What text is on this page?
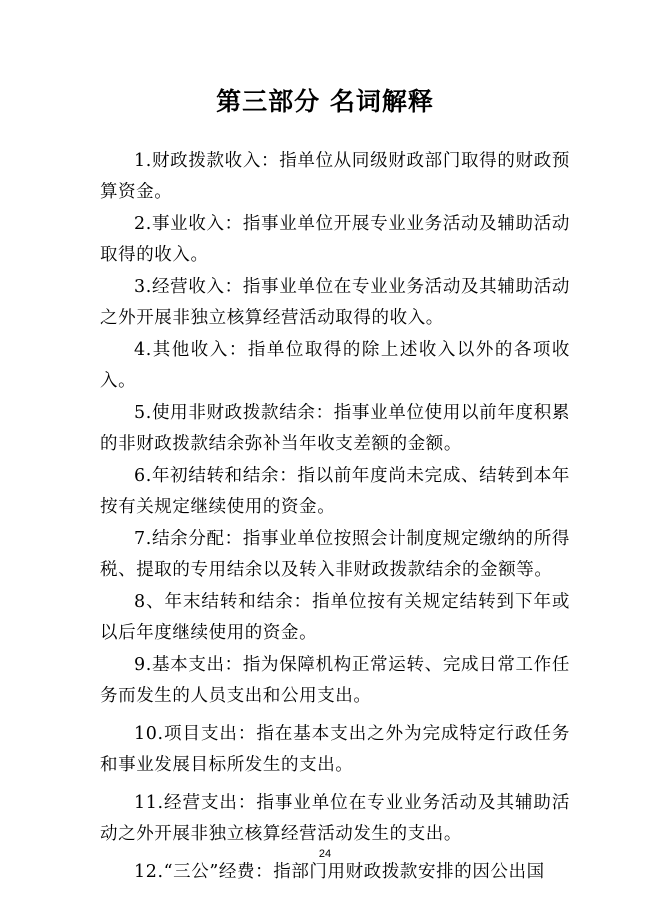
第三部分 名词解释

1.财政拨款收入：指单位从同级财政部门取得的财政预算资金。

2.事业收入：指事业单位开展专业业务活动及辅助活动取得的收入。

3.经营收入：指事业单位在专业业务活动及其辅助活动之外开展非独立核算经营活动取得的收入。

4.其他收入：指单位取得的除上述收入以外的各项收入。

5.使用非财政拨款结余：指事业单位使用以前年度积累的非财政拨款结余弥补当年收支差额的金额。

6.年初结转和结余：指以前年度尚未完成、结转到本年按有关规定继续使用的资金。

7.结余分配：指事业单位按照会计制度规定缴纳的所得税、提取的专用结余以及转入非财政拨款结余的金额等。

8、年末结转和结余：指单位按有关规定结转到下年或以后年度继续使用的资金。

9.基本支出：指为保障机构正常运转、完成日常工作任务而发生的人员支出和公用支出。

10.项目支出：指在基本支出之外为完成特定行政任务和事业发展目标所发生的支出。

11.经营支出：指事业单位在专业业务活动及其辅助活动之外开展非独立核算经营活动发生的支出。

12.“三公”经费：指部门用财政拨款安排的因公出国

24
